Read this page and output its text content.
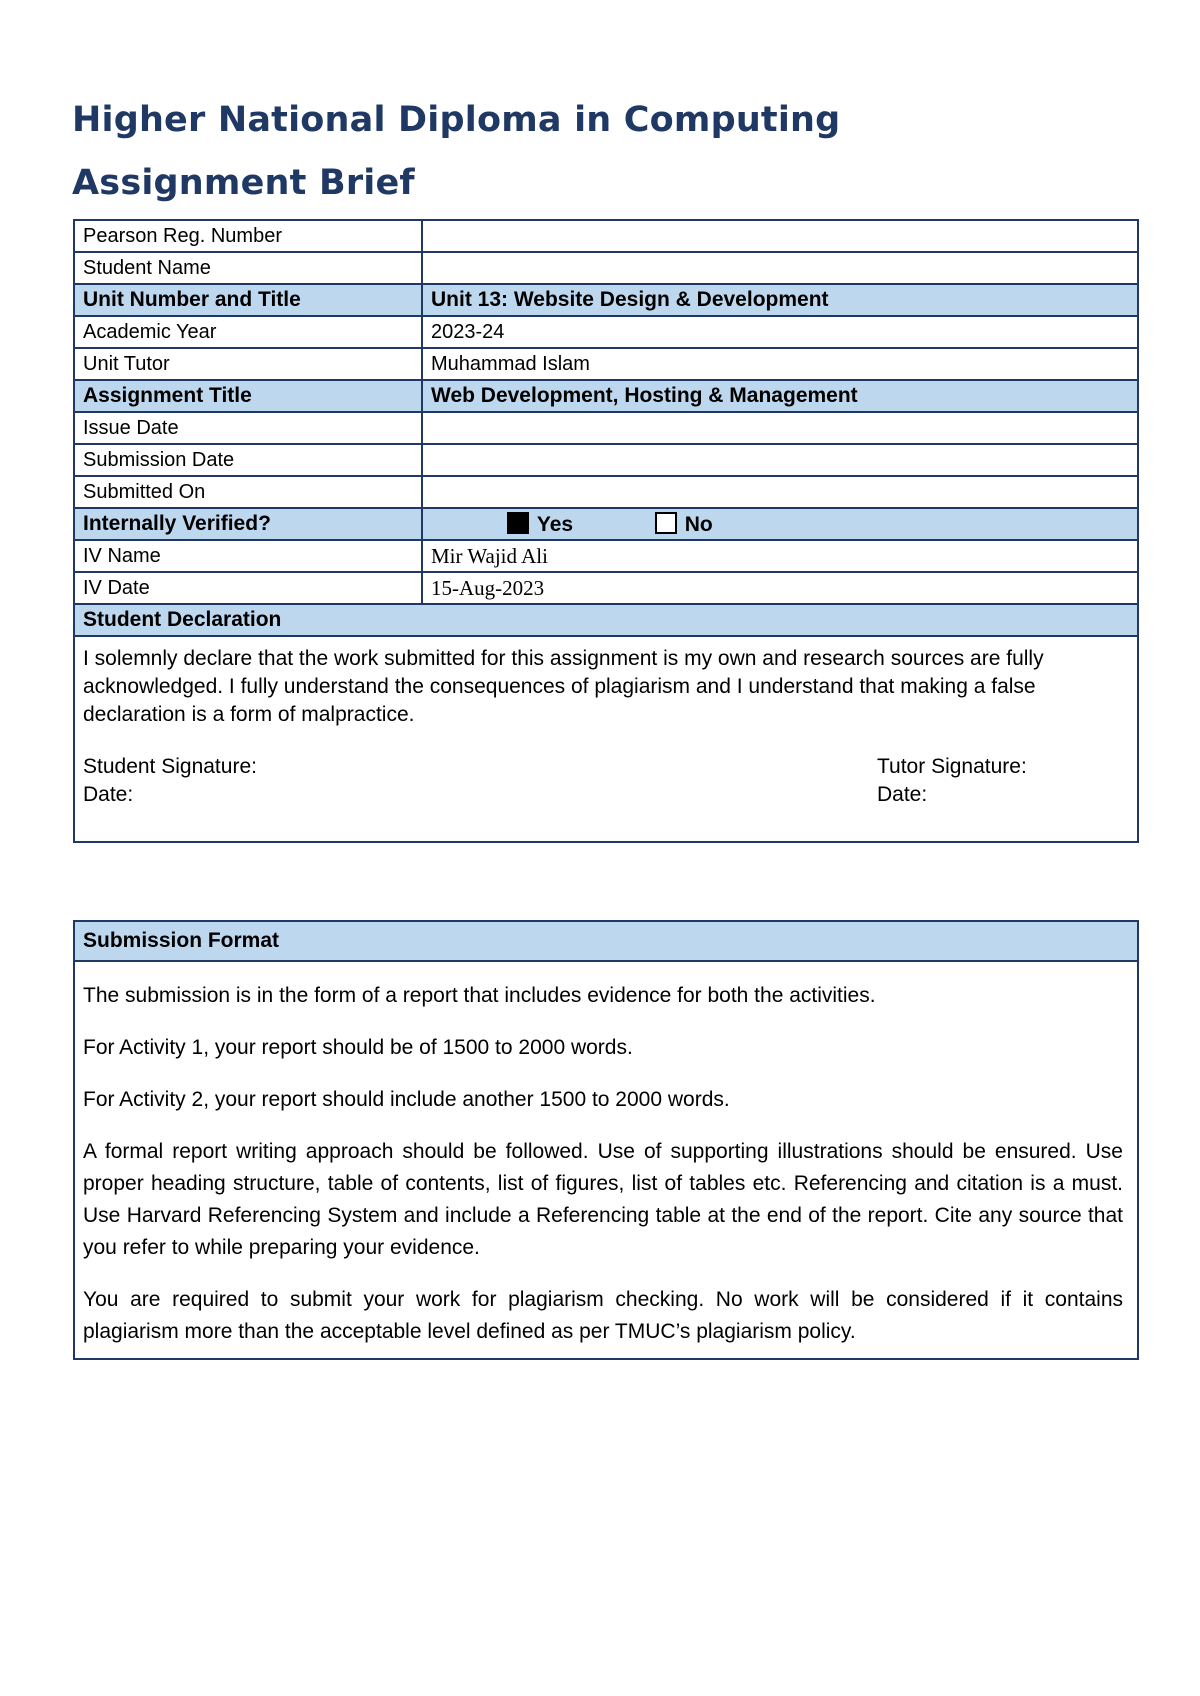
Higher National Diploma in Computing
Assignment Brief
Pearson Reg. Number	
Student Name	
Unit Number and Title	Unit 13: Website Design & Development
Academic Year	2023-24
Unit Tutor	Muhammad Islam
Assignment Title	Web Development, Hosting & Management
Issue Date	
Submission Date	
Submitted On	
Internally Verified?	Yes No
IV Name	Mir Wajid Ali
IV Date	15-Aug-2023
Student Declaration	

I solemnly declare that the work submitted for this assignment is my own and research sources are fully acknowledged. I fully understand the consequences of plagiarism and I understand that making a false declaration is a form of malpractice.

Student Signature:
Date:
Tutor Signature:
Date:	
Submission Format

The submission is in the form of a report that includes evidence for both the activities.

For Activity 1, your report should be of 1500 to 2000 words.

For Activity 2, your report should include another 1500 to 2000 words.

A formal report writing approach should be followed. Use of supporting illustrations should be ensured. Use proper heading structure, table of contents, list of figures, list of tables etc. Referencing and citation is a must. Use Harvard Referencing System and include a Referencing table at the end of the report. Cite any source that you refer to while preparing your evidence.

You are required to submit your work for plagiarism checking. No work will be considered if it contains plagiarism more than the acceptable level defined as per TMUC’s plagiarism policy.
